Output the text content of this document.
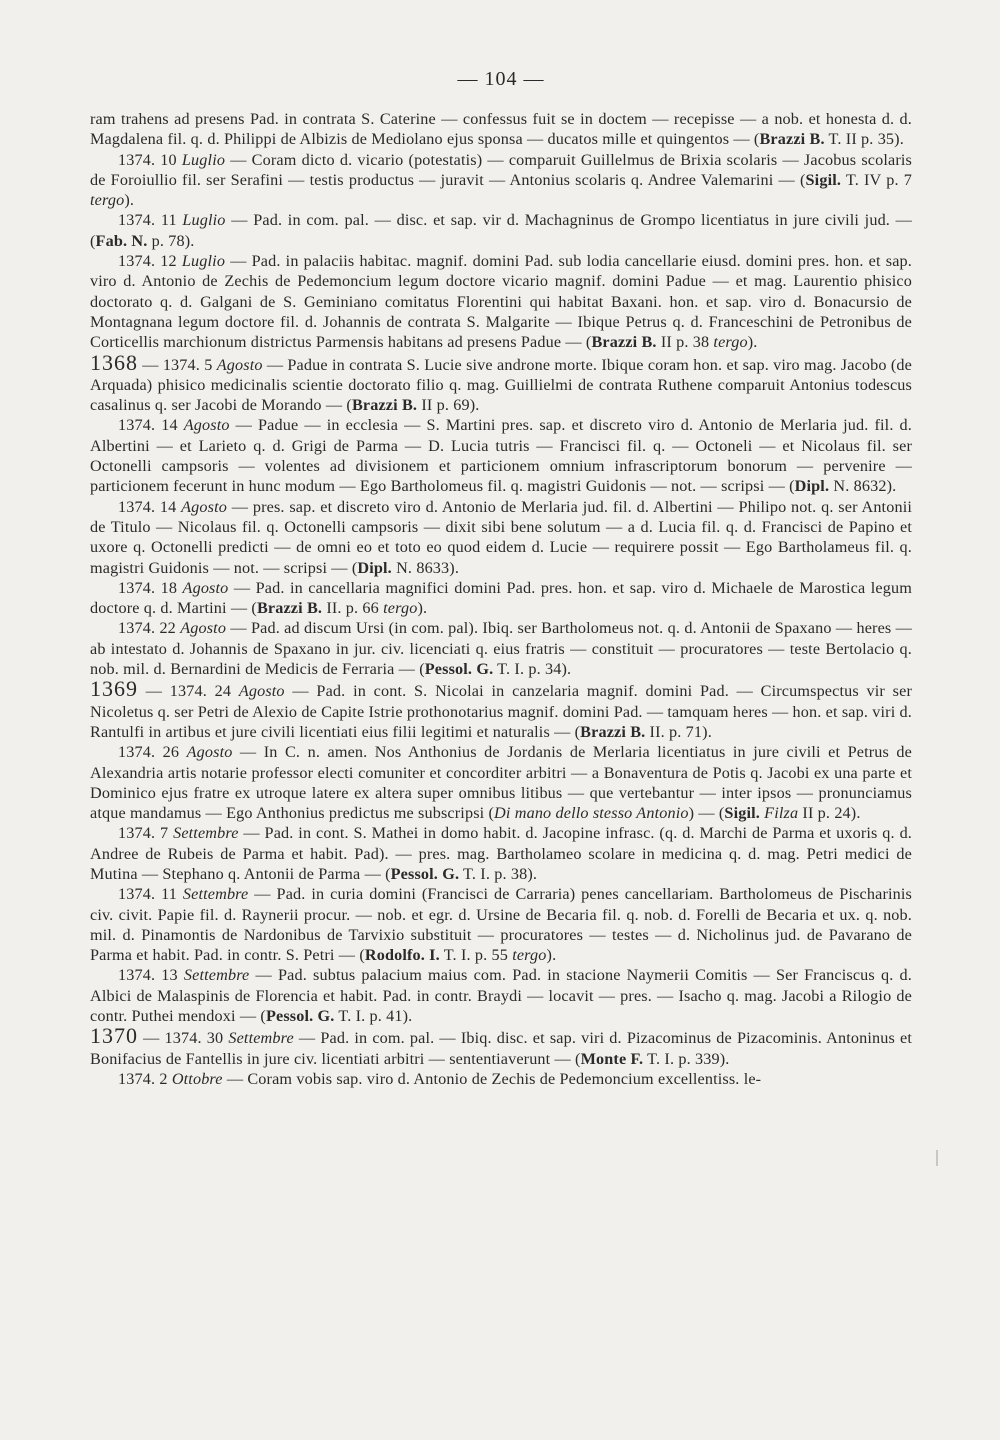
— 104 —

ram trahens ad presens Pad. in contrata S. Caterine — confessus fuit se in doctem — recepisse — a nob. et honesta d. d. Magdalena fil. q. d. Philippi de Albizis de Mediolano ejus sponsa — ducatos mille et quingentos — (Brazzi B. T. II p. 35).

1374. 10 Luglio — Coram dicto d. vicario (potestatis) — comparuit Guillelmus de Brixia scolaris — Jacobus scolaris de Foroiullio fil. ser Serafini — testis productus — juravit — Antonius scolaris q. Andree Valemarini — (Sigil. T. IV p. 7 tergo).

1374. 11 Luglio — Pad. in com. pal. — disc. et sap. vir d. Machagninus de Grompo licentiatus in jure civili jud. — (Fab. N. p. 78).

1374. 12 Luglio — Pad. in palaciis habitac. magnif. domini Pad. sub lodia cancellarie eiusd. domini pres. hon. et sap. viro d. Antonio de Zechis de Pedemoncium legum doctore vicario magnif. domini Padue — et mag. Laurentio phisico doctorato q. d. Galgani de S. Geminiano comitatus Florentini qui habitat Baxani. hon. et sap. viro d. Bonacursio de Montagnana legum doctore fil. d. Johannis de contrata S. Malgarite — Ibique Petrus q. d. Franceschini de Petronibus de Corticellis marchionum districtus Parmensis habitans ad presens Padue — (Brazzi B. II p. 38 tergo).

1368 — 1374. 5 Agosto — Padue in contrata S. Lucie sive androne morte. Ibique coram hon. et sap. viro mag. Jacobo (de Arquada) phisico medicinalis scientie doctorato filio q. mag. Guillielmi de contrata Ruthene comparuit Antonius todescus casalinus q. ser Jacobi de Morando — (Brazzi B. II p. 69).

1374. 14 Agosto — Padue — in ecclesia — S. Martini pres. sap. et discreto viro d. Antonio de Merlaria jud. fil. d. Albertini — et Larieto q. d. Grigi de Parma — D. Lucia tutris — Francisci fil. q. — Octoneli — et Nicolaus fil. ser Octonelli campsoris — volentes ad divisionem et particionem omnium infrascriptorum bonorum — pervenire — particionem fecerunt in hunc modum — Ego Bartholomeus fil. q. magistri Guidonis — not. — scripsi — (Dipl. N. 8632).

1374. 14 Agosto — pres. sap. et discreto viro d. Antonio de Merlaria jud. fil. d. Albertini — Philipo not. q. ser Antonii de Titulo — Nicolaus fil. q. Octonelli campsoris — dixit sibi bene solutum — a d. Lucia fil. q. d. Francisci de Papino et uxore q. Octonelli predicti — de omni eo et toto eo quod eidem d. Lucie — requirere possit — Ego Bartholameus fil. q. magistri Guidonis — not. — scripsi — (Dipl. N. 8633).

1374. 18 Agosto — Pad. in cancellaria magnifici domini Pad. pres. hon. et sap. viro d. Michaele de Marostica legum doctore q. d. Martini — (Brazzi B. II. p. 66 tergo).

1374. 22 Agosto — Pad. ad discum Ursi (in com. pal). Ibiq. ser Bartholomeus not. q. d. Antonii de Spaxano — heres — ab intestato d. Johannis de Spaxano in jur. civ. licenciati q. eius fratris — constituit — procuratores — teste Bertolacio q. nob. mil. d. Bernardini de Medicis de Ferraria — (Pessol. G. T. I. p. 34).

1369 — 1374. 24 Agosto — Pad. in cont. S. Nicolai in canzelaria magnif. domini Pad. — Circumspectus vir ser Nicoletus q. ser Petri de Alexio de Capite Istrie prothonotarius magnif. domini Pad. — tamquam heres — hon. et sap. viri d. Rantulfi in artibus et jure civili licentiati eius filii legitimi et naturalis — (Brazzi B. II. p. 71).

1374. 26 Agosto — In C. n. amen. Nos Anthonius de Jordanis de Merlaria licentiatus in jure civili et Petrus de Alexandria artis notarie professor electi comuniter et concorditer arbitri — a Bonaventura de Potis q. Jacobi ex una parte et Dominico ejus fratre ex utroque latere ex altera super omnibus litibus — que vertebantur — inter ipsos — pronunciamus atque mandamus — Ego Anthonius predictus me subscripsi (Di mano dello stesso Antonio) — (Sigil. Filza II p. 24).

1374. 7 Settembre — Pad. in cont. S. Mathei in domo habit. d. Jacopine infrasc. (q. d. Marchi de Parma et uxoris q. d. Andree de Rubeis de Parma et habit. Pad). — pres. mag. Bartholameo scolare in medicina q. d. mag. Petri medici de Mutina — Stephano q. Antonii de Parma — (Pessol. G. T. I. p. 38).

1374. 11 Settembre — Pad. in curia domini (Francisci de Carraria) penes cancellariam. Bartholomeus de Pischarinis civ. civit. Papie fil. d. Raynerii procur. — nob. et egr. d. Ursine de Becaria fil. q. nob. d. Forelli de Becaria et ux. q. nob. mil. d. Pinamontis de Nardonibus de Tarvixio substituit — procuratores — testes — d. Nicholinus jud. de Pavarano de Parma et habit. Pad. in contr. S. Petri — (Rodolfo. I. T. I. p. 55 tergo).

1374. 13 Settembre — Pad. subtus palacium maius com. Pad. in stacione Naymerii Comitis — Ser Franciscus q. d. Albici de Malaspinis de Florencia et habit. Pad. in contr. Braydi — locavit — pres. — Isacho q. mag. Jacobi a Rilogio de contr. Puthei mendoxi — (Pessol. G. T. I. p. 41).

1370 — 1374. 30 Settembre — Pad. in com. pal. — Ibiq. disc. et sap. viri d. Pizacominus de Pizacominis. Antoninus et Bonifacius de Fantellis in jure civ. licentiati arbitri — sententiaverunt — (Monte F. T. I. p. 339).

1374. 2 Ottobre — Coram vobis sap. viro d. Antonio de Zechis de Pedemoncium excellentiss. le-
